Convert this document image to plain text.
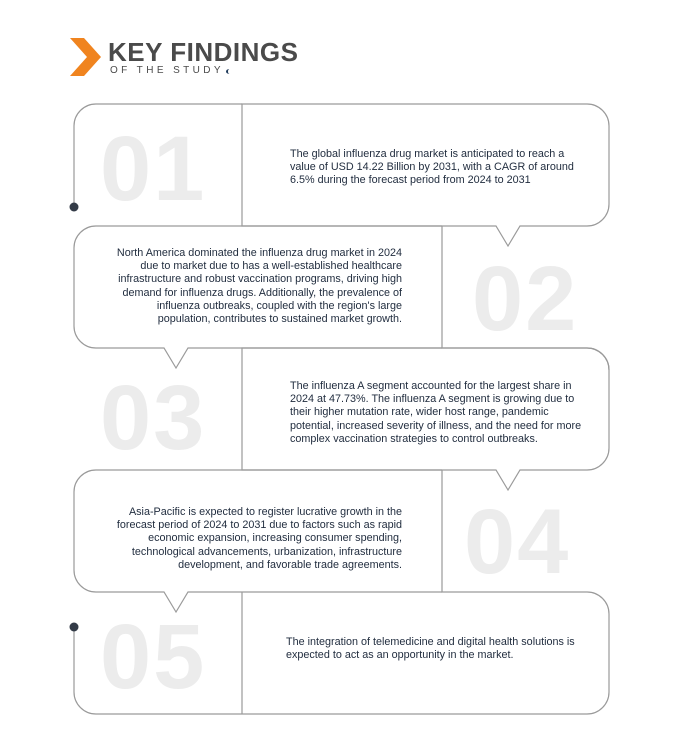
KEY FINDINGS
OF THE STUDY
01	The global influenza drug market is anticipated to reach a value of USD 14.22 Billion by 2031, with a CAGR of around 6.5% during the forecast period from 2024 to 2031
North America dominated the influenza drug market in 2024 due to market due to has a well-established healthcare infrastructure and robust vaccination programs, driving high demand for influenza drugs. Additionally, the prevalence of influenza outbreaks, coupled with the region's large population, contributes to sustained market growth. 02
03	The influenza A segment accounted for the largest share in 2024 at 47.73%. The influenza A segment is growing due to their higher mutation rate, wider host range, pandemic potential, increased severity of illness, and the need for more complex vaccination strategies to control outbreaks.
Asia-Pacific is expected to register lucrative growth in the forecast period of 2024 to 2031 due to factors such as rapid economic expansion, increasing consumer spending, technological advancements, urbanization, infrastructure development, and favorable trade agreements. 04
05	The integration of telemedicine and digital health solutions is expected to act as an opportunity in the market.
